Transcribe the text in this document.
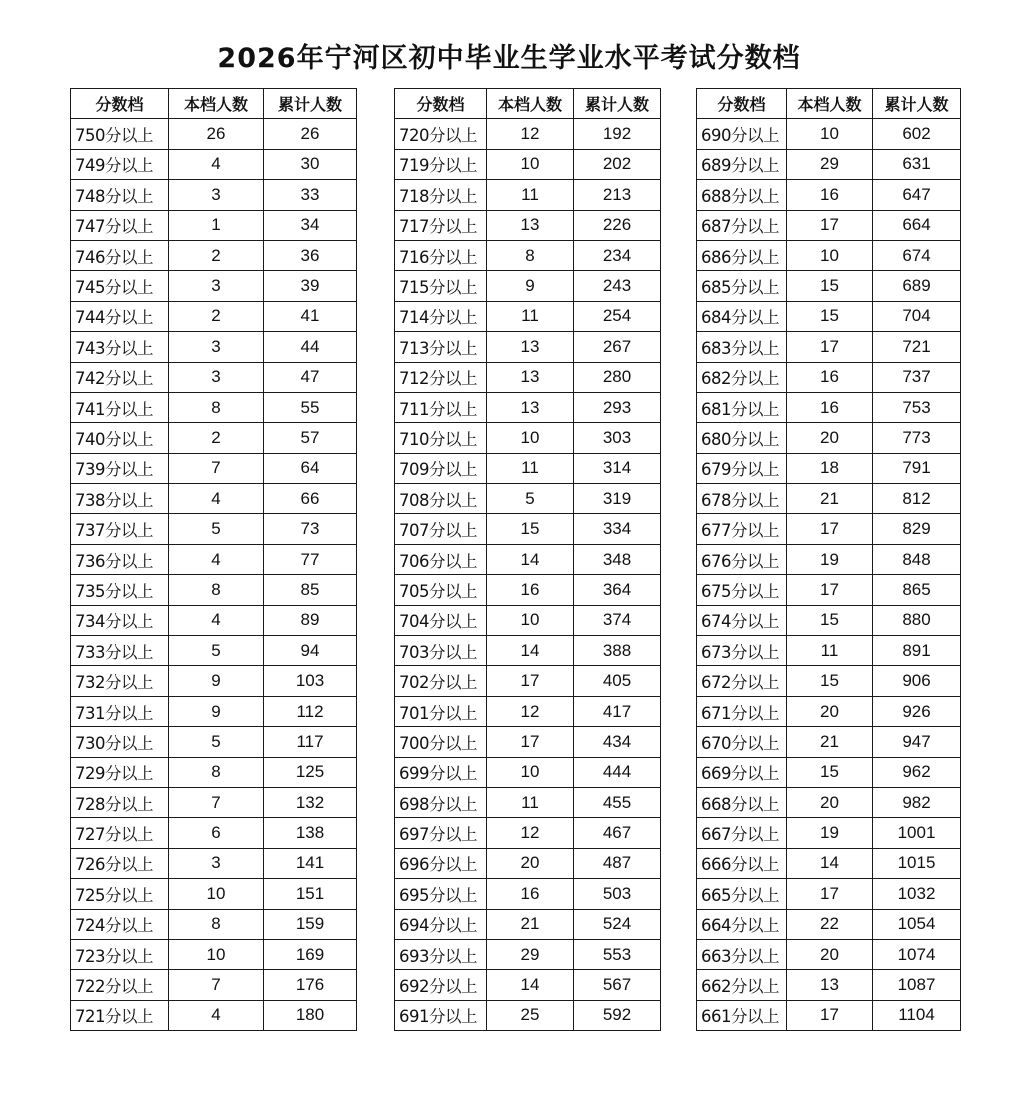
2026年宁河区初中毕业生学业水平考试分数档
分数档	本档人数	累计人数
750分以上	26	26
749分以上	4	30
748分以上	3	33
747分以上	1	34
746分以上	2	36
745分以上	3	39
744分以上	2	41
743分以上	3	44
742分以上	3	47
741分以上	8	55
740分以上	2	57
739分以上	7	64
738分以上	4	66
737分以上	5	73
736分以上	4	77
735分以上	8	85
734分以上	4	89
733分以上	5	94
732分以上	9	103
731分以上	9	112
730分以上	5	117
729分以上	8	125
728分以上	7	132
727分以上	6	138
726分以上	3	141
725分以上	10	151
724分以上	8	159
723分以上	10	169
722分以上	7	176
721分以上	4	180
分数档	本档人数	累计人数
720分以上	12	192
719分以上	10	202
718分以上	11	213
717分以上	13	226
716分以上	8	234
715分以上	9	243
714分以上	11	254
713分以上	13	267
712分以上	13	280
711分以上	13	293
710分以上	10	303
709分以上	11	314
708分以上	5	319
707分以上	15	334
706分以上	14	348
705分以上	16	364
704分以上	10	374
703分以上	14	388
702分以上	17	405
701分以上	12	417
700分以上	17	434
699分以上	10	444
698分以上	11	455
697分以上	12	467
696分以上	20	487
695分以上	16	503
694分以上	21	524
693分以上	29	553
692分以上	14	567
691分以上	25	592
分数档	本档人数	累计人数
690分以上	10	602
689分以上	29	631
688分以上	16	647
687分以上	17	664
686分以上	10	674
685分以上	15	689
684分以上	15	704
683分以上	17	721
682分以上	16	737
681分以上	16	753
680分以上	20	773
679分以上	18	791
678分以上	21	812
677分以上	17	829
676分以上	19	848
675分以上	17	865
674分以上	15	880
673分以上	11	891
672分以上	15	906
671分以上	20	926
670分以上	21	947
669分以上	15	962
668分以上	20	982
667分以上	19	1001
666分以上	14	1015
665分以上	17	1032
664分以上	22	1054
663分以上	20	1074
662分以上	13	1087
661分以上	17	1104
